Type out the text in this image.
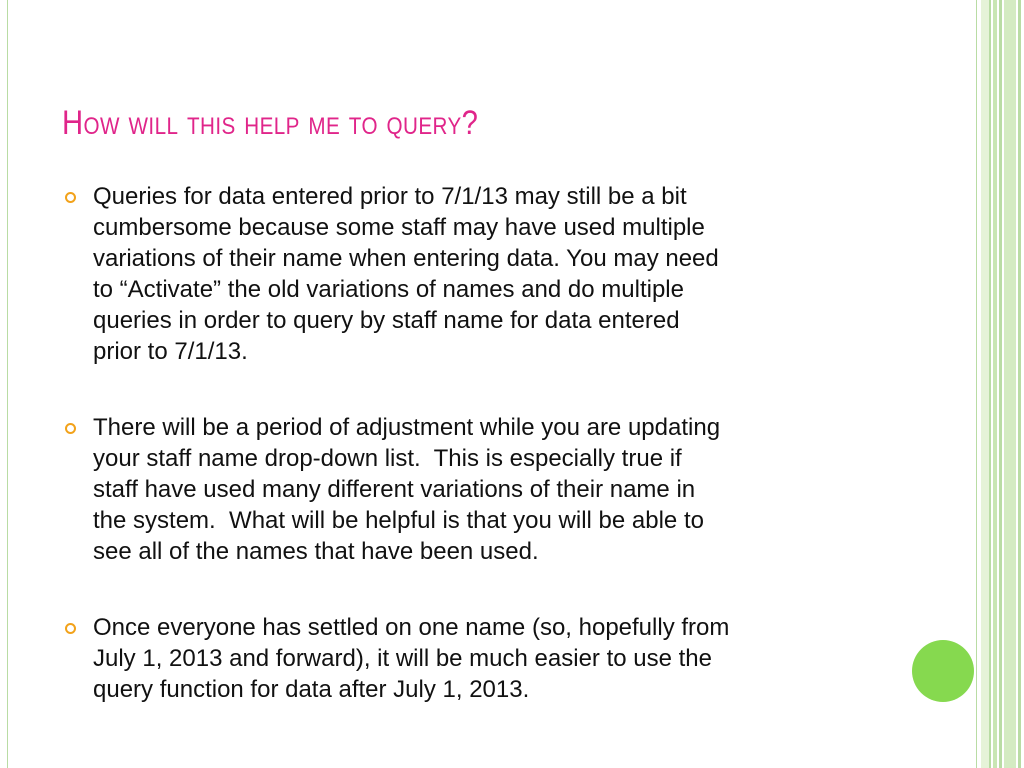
How will this help me to query?
Queries for data entered prior to 7/1/13 may still be a bit
cumbersome because some staff may have used multiple
variations of their name when entering data. You may need
to “Activate” the old variations of names and do multiple
queries in order to query by staff name for data entered
prior to 7/1/13.
There will be a period of adjustment while you are updating
your staff name drop-down list.  This is especially true if
staff have used many different variations of their name in
the system.  What will be helpful is that you will be able to
see all of the names that have been used.
Once everyone has settled on one name (so, hopefully from
July 1, 2013 and forward), it will be much easier to use the
query function for data after July 1, 2013.
